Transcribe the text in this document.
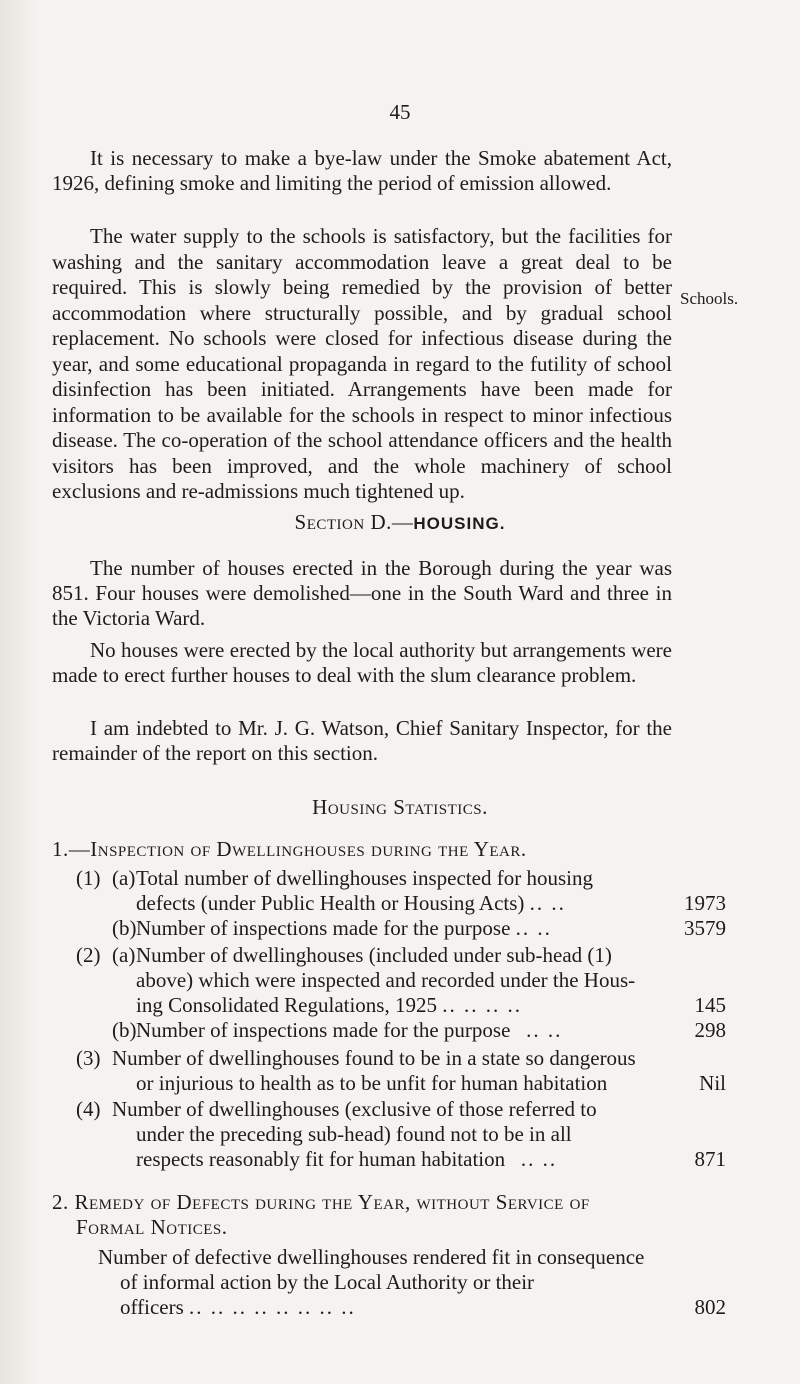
45
It is necessary to make a bye-law under the Smoke abatement Act, 1926, defining smoke and limiting the period of emission allowed.
The water supply to the schools is satisfactory, but the facilities for washing and the sanitary accommodation leave a great deal to be required. This is slowly being remedied by the provision of better accommodation where structurally possible, and by gradual school replacement. No schools were closed for infectious disease during the year, and some educational propaganda in regard to the futility of school disinfection has been initiated. Arrangements have been made for information to be available for the schools in respect to minor infectious disease. The co-operation of the school attendance officers and the health visitors has been improved, and the whole machinery of school exclusions and re-admissions much tightened up.
Schools.
Section D.—HOUSING.
The number of houses erected in the Borough during the year was 851. Four houses were demolished—one in the South Ward and three in the Victoria Ward.
No houses were erected by the local authority but arrangements were made to erect further houses to deal with the slum clearance problem.
I am indebted to Mr. J. G. Watson, Chief Sanitary Inspector, for the remainder of the report on this section.
Housing Statistics.
1.—Inspection of Dwellinghouses during the Year.
(1) (a) Total number of dwellinghouses inspected for housing
defects (under Public Health or Housing Acts) .. ..	1973
(b) Number of inspections made for the purpose .. ..	3579
(2) (a) Number of dwellinghouses (included under sub-head (1)
above) which were inspected and recorded under the Hous-
ing Consolidated Regulations, 1925 .. .. .. ..	145
(b) Number of inspections made for the purpose .. ..	298
(3) Number of dwellinghouses found to be in a state so dangerous
or injurious to health as to be unfit for human habitation	Nil
(4) Number of dwellinghouses (exclusive of those referred to
under the preceding sub-head) found not to be in all
respects reasonably fit for human habitation .. ..	871
2. Remedy of Defects during the Year, without Service of
Formal Notices.
Number of defective dwellinghouses rendered fit in consequence
of informal action by the Local Authority or their
officers .. .. .. .. .. .. .. ..	802
